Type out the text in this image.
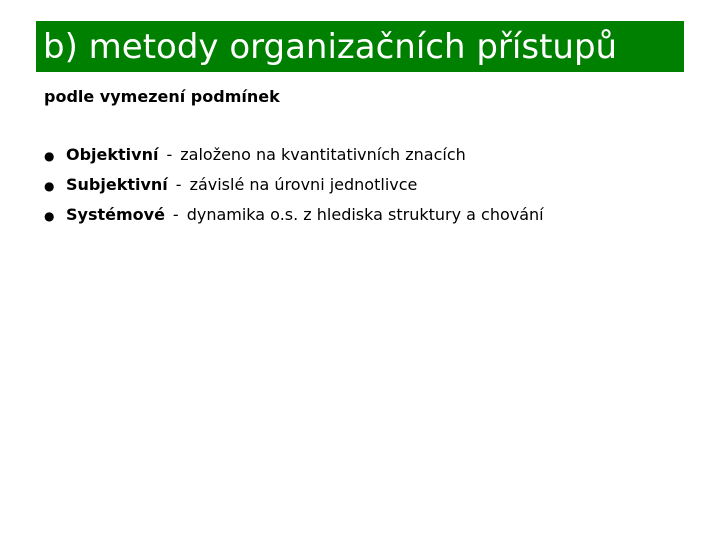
b) metody organizačních přístupů
podle vymezení podmínek
● Objektivní - založeno na kvantitativních znacích
● Subjektivní - závislé na úrovni jednotlivce
● Systémové - dynamika o.s. z hlediska struktury a chování
